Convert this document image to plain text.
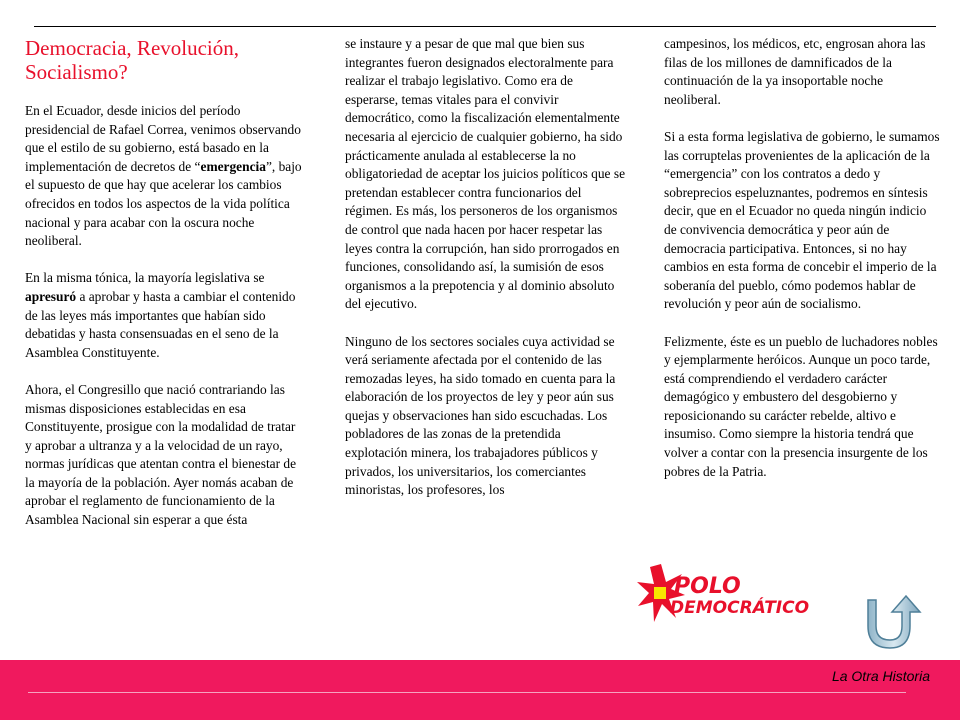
Democracia, Revolución,
Socialismo?

En el Ecuador, desde inicios del período presidencial de Rafael Correa, venimos observando que el estilo de su gobierno, está basado en la implementación de decretos de “emergencia”, bajo el supuesto de que hay que acelerar los cambios ofrecidos en todos los aspectos de la vida política nacional y para acabar con la oscura noche neoliberal.

En la misma tónica, la mayoría legislativa se apresuró a aprobar y hasta a cambiar el contenido de las leyes más importantes que habían sido debatidas y hasta consensuadas en el seno de la Asamblea Constituyente.

Ahora, el Congresillo que nació contrariando las mismas disposiciones establecidas en esa Constituyente, prosigue con la modalidad de tratar y aprobar a ultranza y a la velocidad de un rayo, normas jurídicas que atentan contra el bienestar de la mayoría de la población. Ayer nomás acaban de aprobar el reglamento de funcionamiento de la Asamblea Nacional sin esperar a que ésta

se instaure y a pesar de que mal que bien sus integrantes fueron designados electoralmente para realizar el trabajo legislativo. Como era de esperarse, temas vitales para el convivir democrático, como la fiscalización elementalmente necesaria al ejercicio de cualquier gobierno, ha sido prácticamente anulada al establecerse la no obligatoriedad de aceptar los juicios políticos que se pretendan establecer contra funcionarios del régimen. Es más, los personeros de los organismos de control que nada hacen por hacer respetar las leyes contra la corrupción, han sido prorrogados en funciones, consolidando así, la sumisión de esos organismos a la prepotencia y al dominio absoluto del ejecutivo.

Ninguno de los sectores sociales cuya actividad se verá seriamente afectada por el contenido de las remozadas leyes, ha sido tomado en cuenta para la elaboración de los proyectos de ley y peor aún sus quejas y observaciones han sido escuchadas. Los pobladores de las zonas de la pretendida explotación minera, los trabajadores públicos y privados, los universitarios, los comerciantes minoristas, los profesores, los

campesinos, los médicos, etc, engrosan ahora las filas de los millones de damnificados de la continuación de la ya insoportable noche neoliberal.

Si a esta forma legislativa de gobierno, le sumamos las corruptelas provenientes de la aplicación de la “emergencia” con los contratos a dedo y sobreprecios espeluznantes, podremos en síntesis decir, que en el Ecuador no queda ningún indicio de convivencia democrática y peor aún de democracia participativa. Entonces, si no hay cambios en esta forma de concebir el imperio de la soberanía del pueblo, cómo podemos hablar de revolución y peor aún de socialismo.

Felizmente, éste es un pueblo de luchadores nobles y ejemplarmente heróicos. Aunque un poco tarde, está comprendiendo el verdadero carácter demagógico y embustero del desgobierno y reposicionando su carácter rebelde, altivo e insumiso. Como siempre la historia tendrá que volver a contar con la presencia insurgente de los pobres de la Patria.

POLO
DEMOCRÁTICO
La Otra Historia
